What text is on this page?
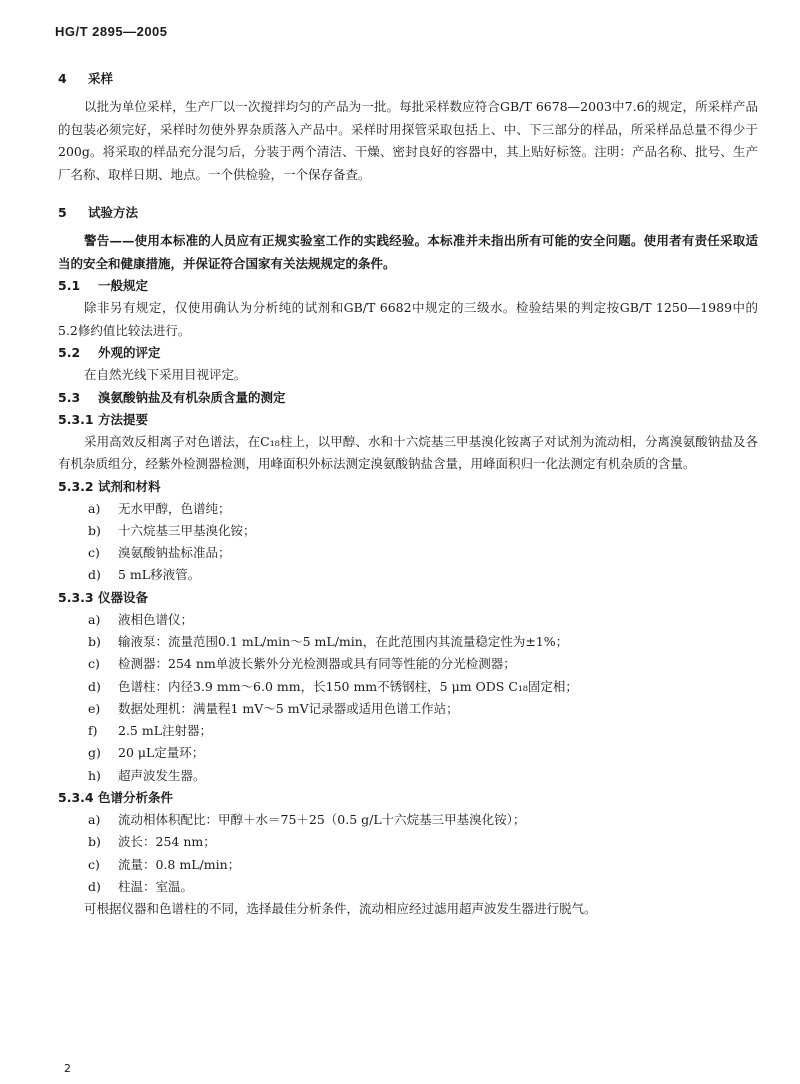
HG/T 2895—2005
4 采样

以批为单位采样，生产厂以一次搅拌均匀的产品为一批。每批采样数应符合GB/T 6678—2003中7.6的规定，所采样产品的包装必须完好，采样时勿使外界杂质落入产品中。采样时用探管采取包括上、中、下三部分的样品，所采样品总量不得少于200g。将采取的样品充分混匀后，分装于两个清洁、干燥、密封良好的容器中，其上贴好标签。注明：产品名称、批号、生产厂名称、取样日期、地点。一个供检验，一个保存备查。

5 试验方法

警告——使用本标准的人员应有正规实验室工作的实践经验。本标准并未指出所有可能的安全问题。使用者有责任采取适当的安全和健康措施，并保证符合国家有关法规规定的条件。

5.1 一般规定

除非另有规定，仅使用确认为分析纯的试剂和GB/T 6682中规定的三级水。检验结果的判定按GB/T 1250—1989中的5.2修约值比较法进行。

5.2 外观的评定

在自然光线下采用目视评定。

5.3 溴氨酸钠盐及有机杂质含量的测定
5.3.1 方法提要

采用高效反相离子对色谱法，在C₁₈柱上，以甲醇、水和十六烷基三甲基溴化铵离子对试剂为流动相，分离溴氨酸钠盐及各有机杂质组分，经紫外检测器检测，用峰面积外标法测定溴氨酸钠盐含量，用峰面积归一化法测定有机杂质的含量。

5.3.2 试剂和材料
a) 无水甲醇，色谱纯；
b) 十六烷基三甲基溴化铵；
c) 溴氨酸钠盐标准品；
d) 5 mL移液管。
5.3.3 仪器设备
a) 液相色谱仪；
b) 输液泵：流量范围0.1 mL/min～5 mL/min，在此范围内其流量稳定性为±1%；
c) 检测器：254 nm单波长紫外分光检测器或具有同等性能的分光检测器；
d) 色谱柱：内径3.9 mm～6.0 mm，长150 mm不锈钢柱，5 μm ODS C₁₈固定相；
e) 数据处理机：满量程1 mV～5 mV记录器或适用色谱工作站；
f) 2.5 mL注射器；
g) 20 μL定量环；
h) 超声波发生器。
5.3.4 色谱分析条件
a) 流动相体积配比：甲醇＋水＝75＋25（0.5 g/L十六烷基三甲基溴化铵）；
b) 波长：254 nm；
c) 流量：0.8 mL/min；
d) 柱温：室温。

可根据仪器和色谱柱的不同，选择最佳分析条件，流动相应经过滤用超声波发生器进行脱气。

2
